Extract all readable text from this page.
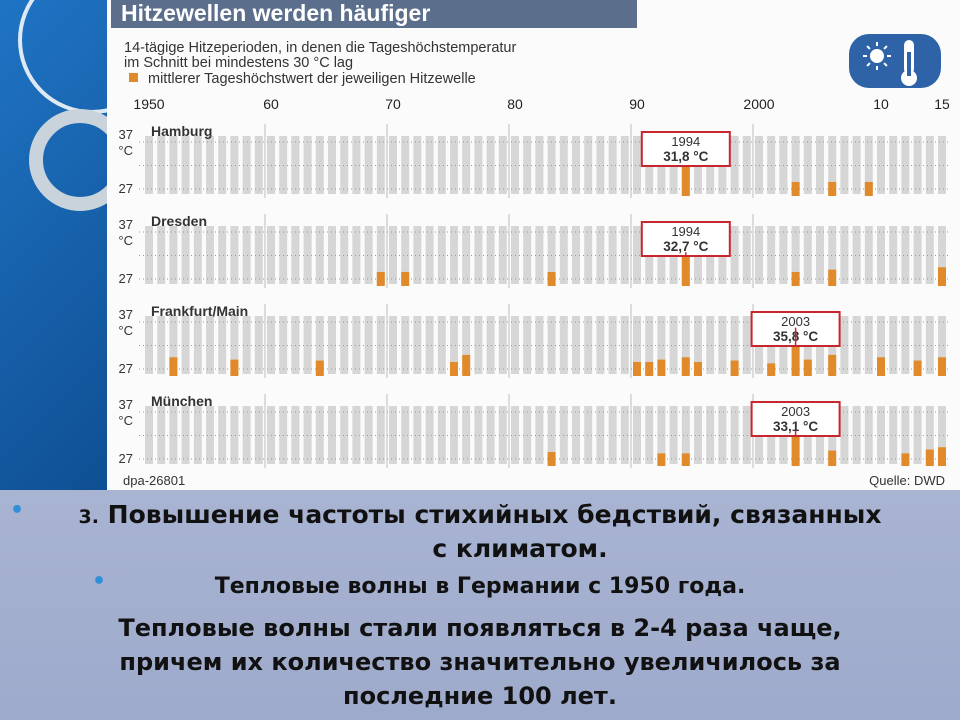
Hitzewellen werden häufiger
14-tägige Hitzeperioden, in denen die Tageshöchstemperatur
im Schnitt bei mindestens 30 °C lag
mittlerer Tageshöchstwert der jeweiligen Hitzewelle
dpa-26801	Quelle: DWD
1950	60	70	80	90	2000	10	15
Hamburg
37
°C
27
1994
31,8 °C
Dresden
37
°C
27
1994
32,7 °C
Frankfurt/Main
37
°C
27
2003
35,8 °C
München
37
°C
27
2003
33,1 °C
•	3. Повышение частоты стихийных бедствий, связанных
с климатом.
•	Тепловые волны в Германии с 1950 года.
Тепловые волны стали появляться в 2-4 раза чаще,
причем их количество значительно увеличилось за
последние 100 лет.
